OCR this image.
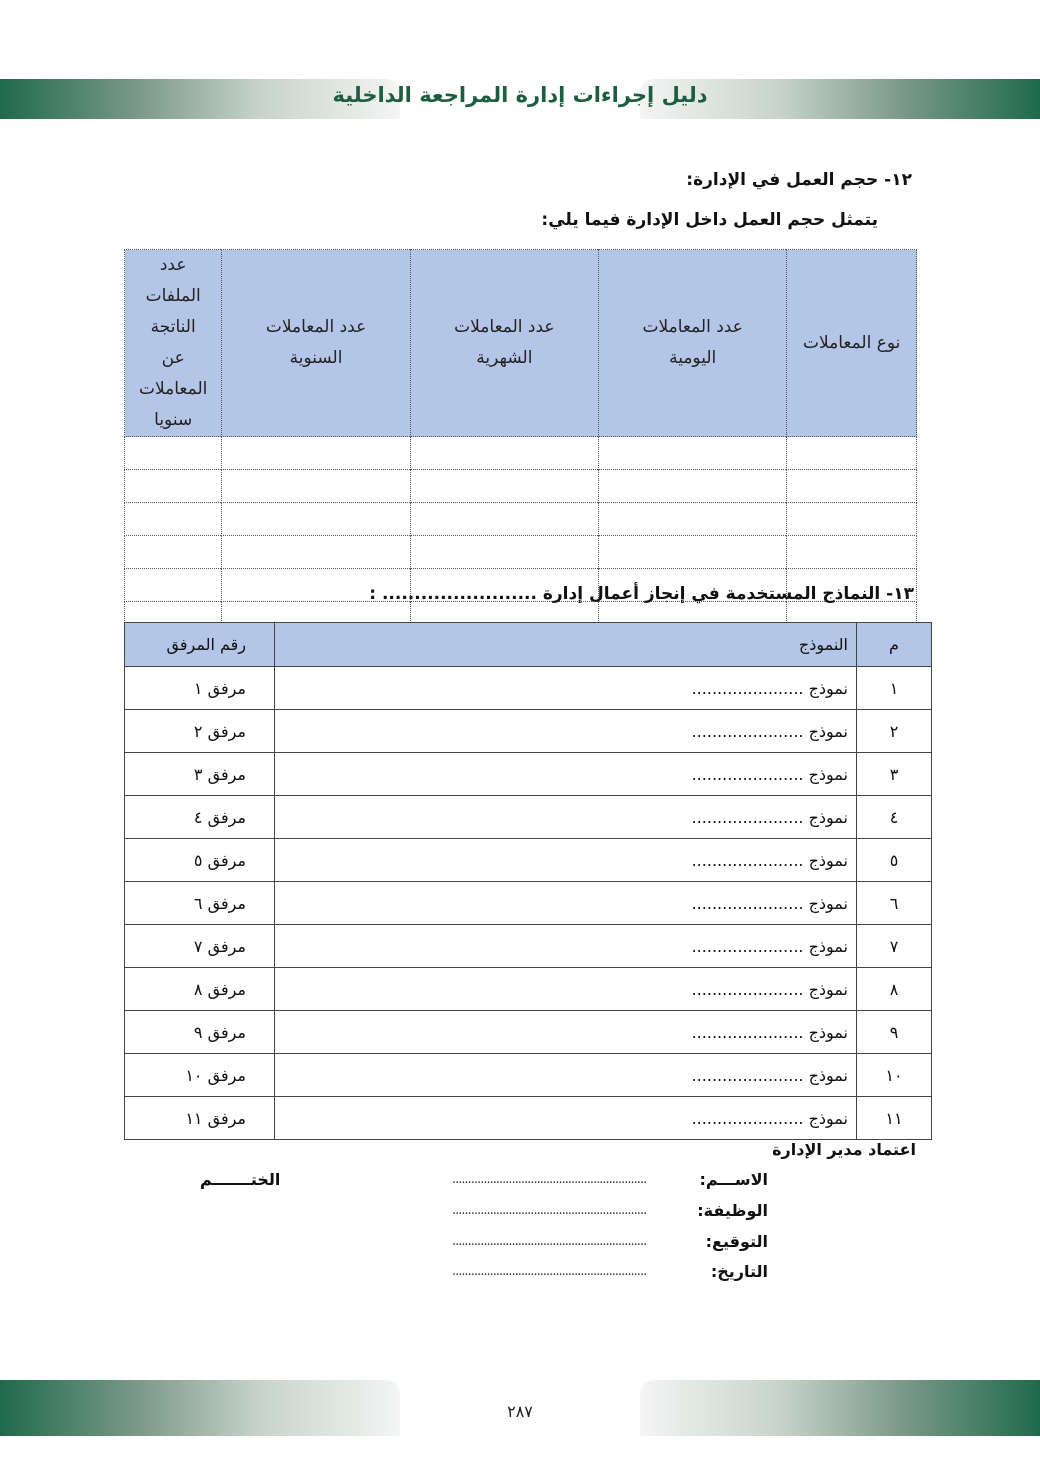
دليل إجراءات إدارة المراجعة الداخلية
١٢- حجم العمل في الإدارة:
يتمثل حجم العمل داخل الإدارة فيما يلي:
نوع المعاملات	عدد المعاملات اليومية	عدد المعاملات الشهرية	عدد المعاملات السنوية	عدد الملفات الناتجة عن المعاملات سنويا

١٣- النماذج المستخدمة في إنجاز أعمال إدارة ........................ :
م	النموذج	رقم المرفق
١	نموذج ......................	مرفق ١
٢	نموذج ......................	مرفق ٢
٣	نموذج ......................	مرفق ٣
٤	نموذج ......................	مرفق ٤
٥	نموذج ......................	مرفق ٥
٦	نموذج ......................	مرفق ٦
٧	نموذج ......................	مرفق ٧
٨	نموذج ......................	مرفق ٨
٩	نموذج ......................	مرفق ٩
١٠	نموذج ......................	مرفق ١٠
١١	نموذج ......................	مرفق ١١
اعتماد مدير الإدارة
الختـــــــم	الاســـم:
..............................................................
الوظيفة:
..............................................................
التوقيع:
..............................................................
التاريخ:
..............................................................
٢٨٧
